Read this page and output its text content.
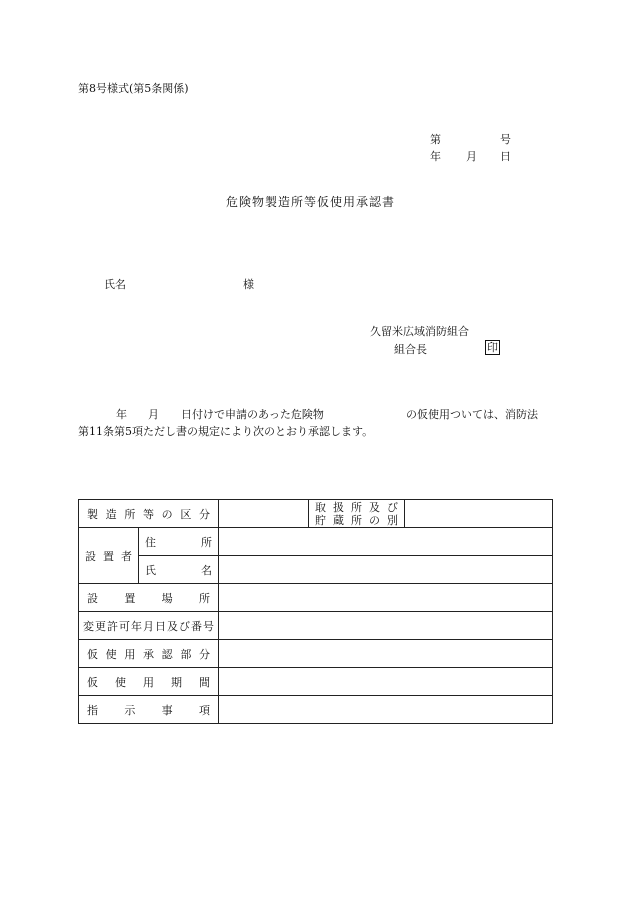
第8号様式(第5条関係)
第	号
年 月 日
危険物製造所等仮使用承認書
氏名	様
久留米広域消防組合
組合長	印
年 月 日付けで申請のあった危険物	の仮使用ついては、消防法
第11条第5項ただし書の規定により次のとおり承認します。
製造所等の区分			取扱所及び
貯蔵所の別	

設置者	住所			
	氏名			
設置場所				
変更許可年月日及び番号				
仮使用承認部分				
仮使用期間				
指示事項				
